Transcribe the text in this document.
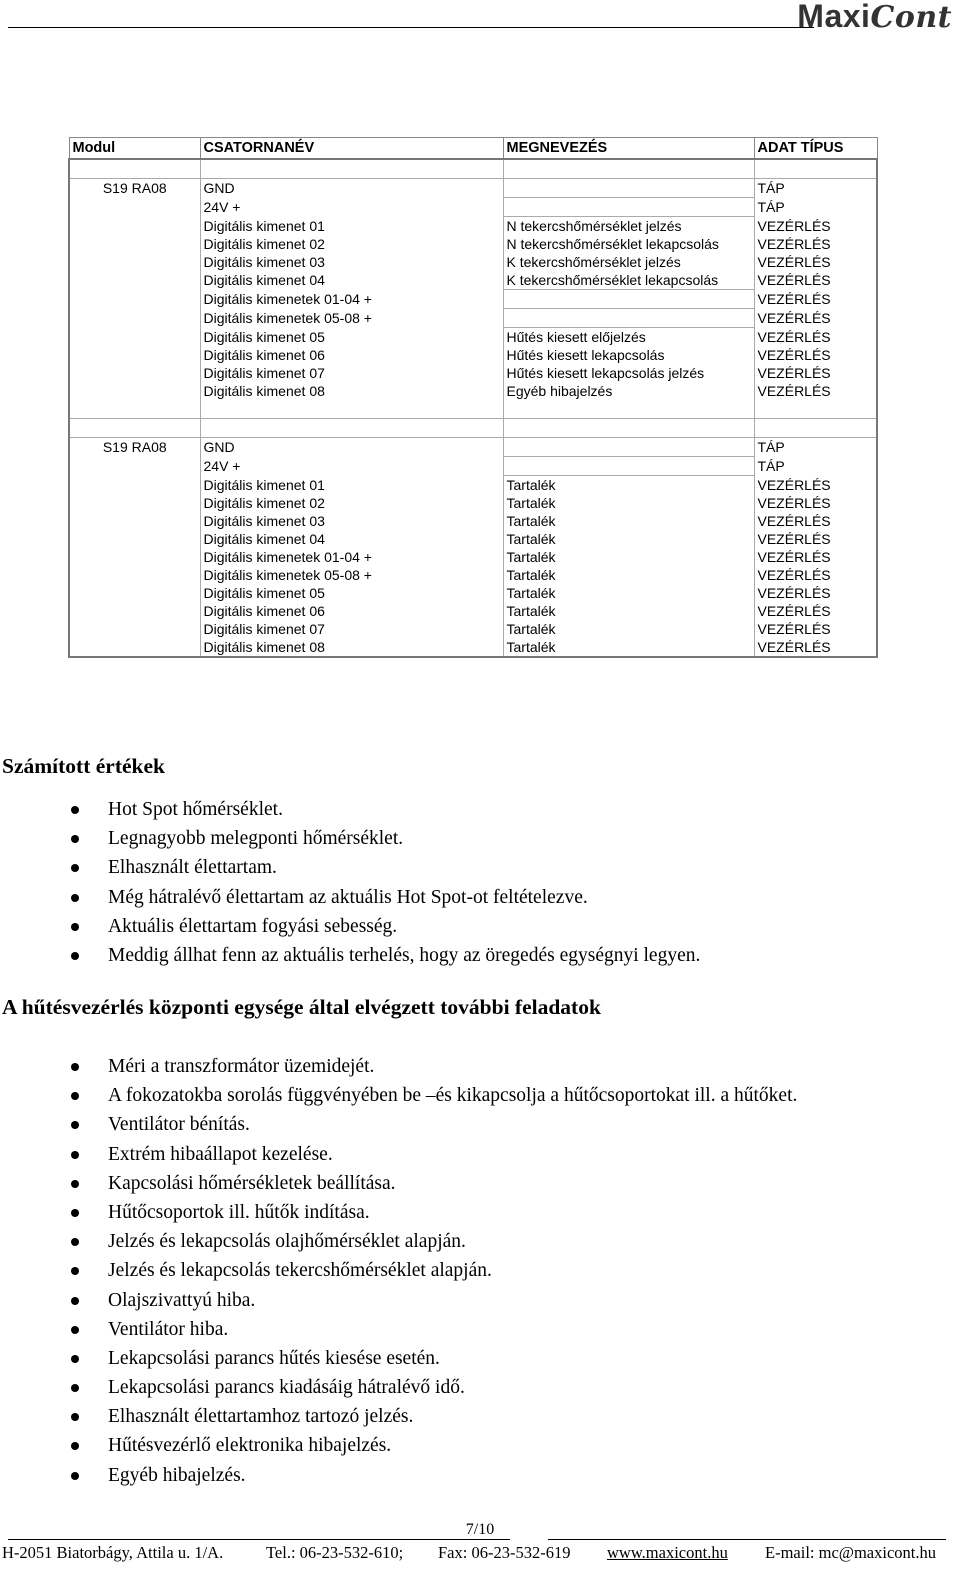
MaxiCont
Modul	CSATORNANÉV	MEGNEVEZÉS	ADAT TÍPUS

S19 RA08	GND		TÁP
	24V +		TÁP
	Digitális kimenet 01	N tekercshőmérséklet jelzés	VEZÉRLÉS
	Digitális kimenet 02	N tekercshőmérséklet lekapcsolás	VEZÉRLÉS
	Digitális kimenet 03	K tekercshőmérséklet jelzés	VEZÉRLÉS
	Digitális kimenet 04	K tekercshőmérséklet lekapcsolás	VEZÉRLÉS
	Digitális kimenetek 01-04 +		VEZÉRLÉS
	Digitális kimenetek 05-08 +		VEZÉRLÉS
	Digitális kimenet 05	Hűtés kiesett előjelzés	VEZÉRLÉS
	Digitális kimenet 06	Hűtés kiesett lekapcsolás	VEZÉRLÉS
	Digitális kimenet 07	Hűtés kiesett lekapcsolás jelzés	VEZÉRLÉS
	Digitális kimenet 08	Egyéb hibajelzés	VEZÉRLÉS

S19 RA08	GND		TÁP
	24V +		TÁP
	Digitális kimenet 01	Tartalék	VEZÉRLÉS
	Digitális kimenet 02	Tartalék	VEZÉRLÉS
	Digitális kimenet 03	Tartalék	VEZÉRLÉS
	Digitális kimenet 04	Tartalék	VEZÉRLÉS
	Digitális kimenetek 01-04 +	Tartalék	VEZÉRLÉS
	Digitális kimenetek 05-08 +	Tartalék	VEZÉRLÉS
	Digitális kimenet 05	Tartalék	VEZÉRLÉS
	Digitális kimenet 06	Tartalék	VEZÉRLÉS
	Digitális kimenet 07	Tartalék	VEZÉRLÉS
	Digitális kimenet 08	Tartalék	VEZÉRLÉS
Számított értékek
Hot Spot hőmérséklet.
Legnagyobb melegponti hőmérséklet.
Elhasznált élettartam.
Még hátralévő élettartam az aktuális Hot Spot-ot feltételezve.
Aktuális élettartam fogyási sebesség.
Meddig állhat fenn az aktuális terhelés, hogy az öregedés egységnyi legyen.
A hűtésvezérlés központi egysége által elvégzett további feladatok
Méri a transzformátor üzemidejét.
A fokozatokba sorolás függvényében be –és kikapcsolja a hűtőcsoportokat ill. a hűtőket.
Ventilátor bénítás.
Extrém hibaállapot kezelése.
Kapcsolási hőmérsékletek beállítása.
Hűtőcsoportok ill. hűtők indítása.
Jelzés és lekapcsolás olajhőmérséklet alapján.
Jelzés és lekapcsolás tekercshőmérséklet alapján.
Olajszivattyú hiba.
Ventilátor hiba.
Lekapcsolási parancs hűtés kiesése esetén.
Lekapcsolási parancs kiadásáig hátralévő idő.
Elhasznált élettartamhoz tartozó jelzés.
Hűtésvezérlő elektronika hibajelzés.
Egyéb hibajelzés.
7/10
H-2051 Biatorbágy, Attila u. 1/A.	Tel.: 06-23-532-610; Fax: 06-23-532-619 www.maxicont.hu E-mail: mc@maxicont.hu
